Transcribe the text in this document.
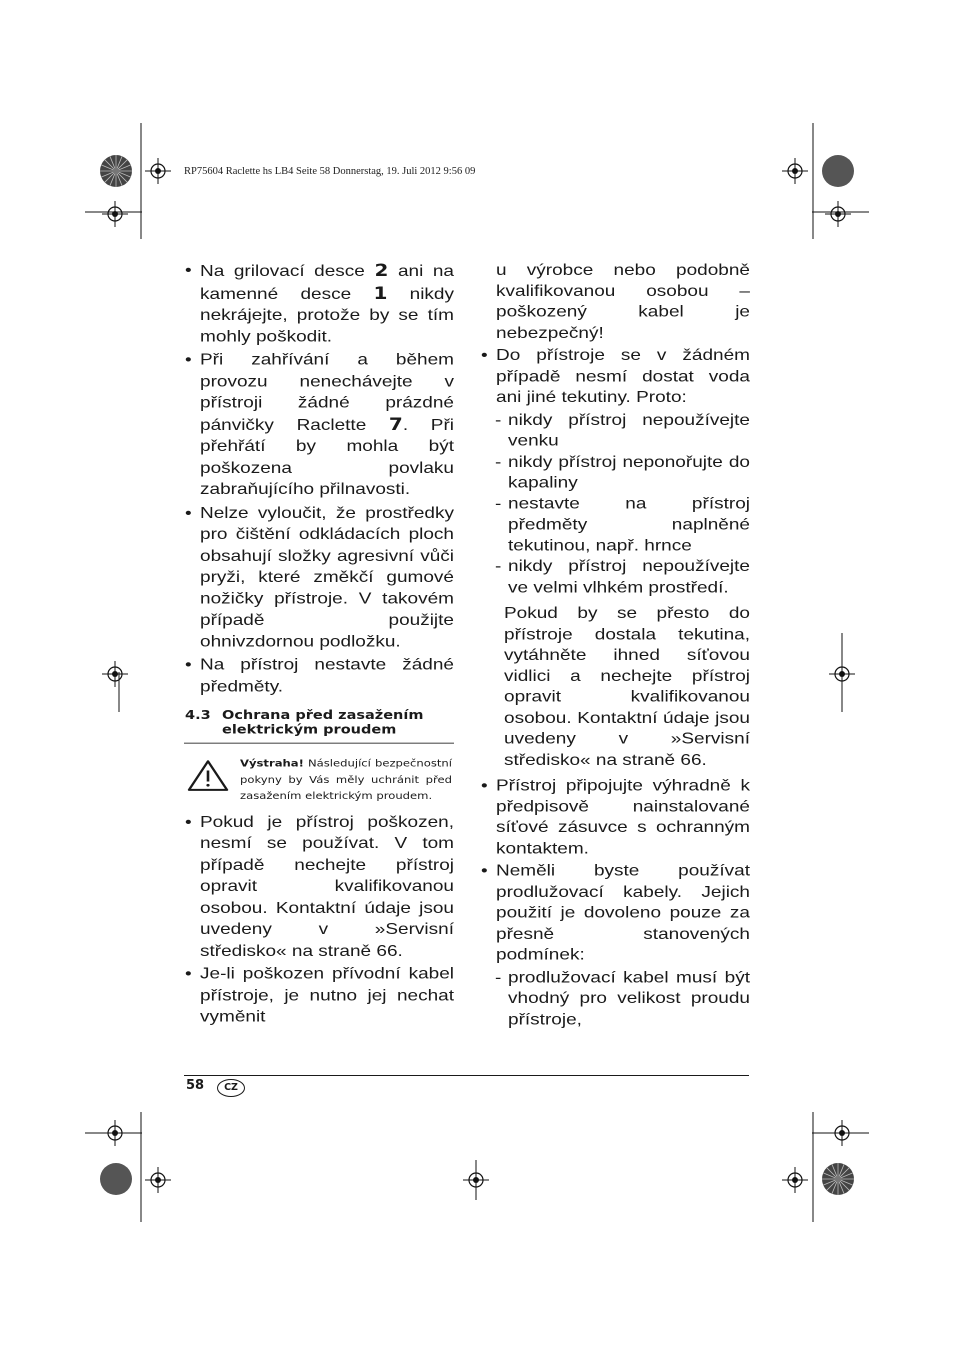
RP75604 Raclette hs LB4 Seite 58 Donnerstag, 19. Juli 2012 9:56 09

• Na grilovací desce 2 ani na kamenné desce 1 nikdy nekrájejte, protože by se tím mohly poškodit.

• Při zahřívání a během provozu nenechávejte v přístroji žádné prázdné pánvičky Raclette 7. Při přehřátí by mohla být poškozena povlaku zabraňujícího přilnavosti.

• Nelze vyloučit, že prostředky pro čištění odkládacích ploch obsahují složky agresivní vůči pryži, které změkčí gumové nožičky přístroje. V takovém případě použijte ohnivzdornou podložku.

• Na přístroj nestavte žádné předměty.

4.3 Ochrana před zasažením elektrickým proudem
Výstraha! Následující bezpečnostní pokyny by Vás měly uchránit před zasažením elektrickým proudem.

• Pokud je přístroj poškozen, nesmí se používat. V tom případě nechejte přístroj opravit kvalifikovanou osobou. Kontaktní údaje jsou uvedeny v »Servisní středisko« na straně 66.

• Je-li poškozen přívodní kabel přístroje, je nutno jej nechat vyměnit

u výrobce nebo podobně kvalifikovanou osobou – poškozený kabel je nebezpečný!

• Do přístroje se v žádném případě nesmí dostat voda ani jiné tekutiny. Proto:

- nikdy přístroj nepoužívejte venku

- nikdy přístroj neponořujte do kapaliny

- nestavte na přístroj předměty naplněné tekutinou, např. hrnce

- nikdy přístroj nepoužívejte ve velmi vlhkém prostředí.

Pokud by se přesto do přístroje dostala tekutina, vytáhněte ihned síťovou vidlici a nechejte přístroj opravit kvalifikovanou osobou. Kontaktní údaje jsou uvedeny v »Servisní středisko« na straně 66.

• Přístroj připojujte výhradně k předpisově nainstalované síťové zásuvce s ochranným kontaktem.

• Neměli byste používat prodlužovací kabely. Jejich použití je dovoleno pouze za přesně stanovených podmínek:

- prodlužovací kabel musí být vhodný pro velikost proudu přístroje,

58	CZ
